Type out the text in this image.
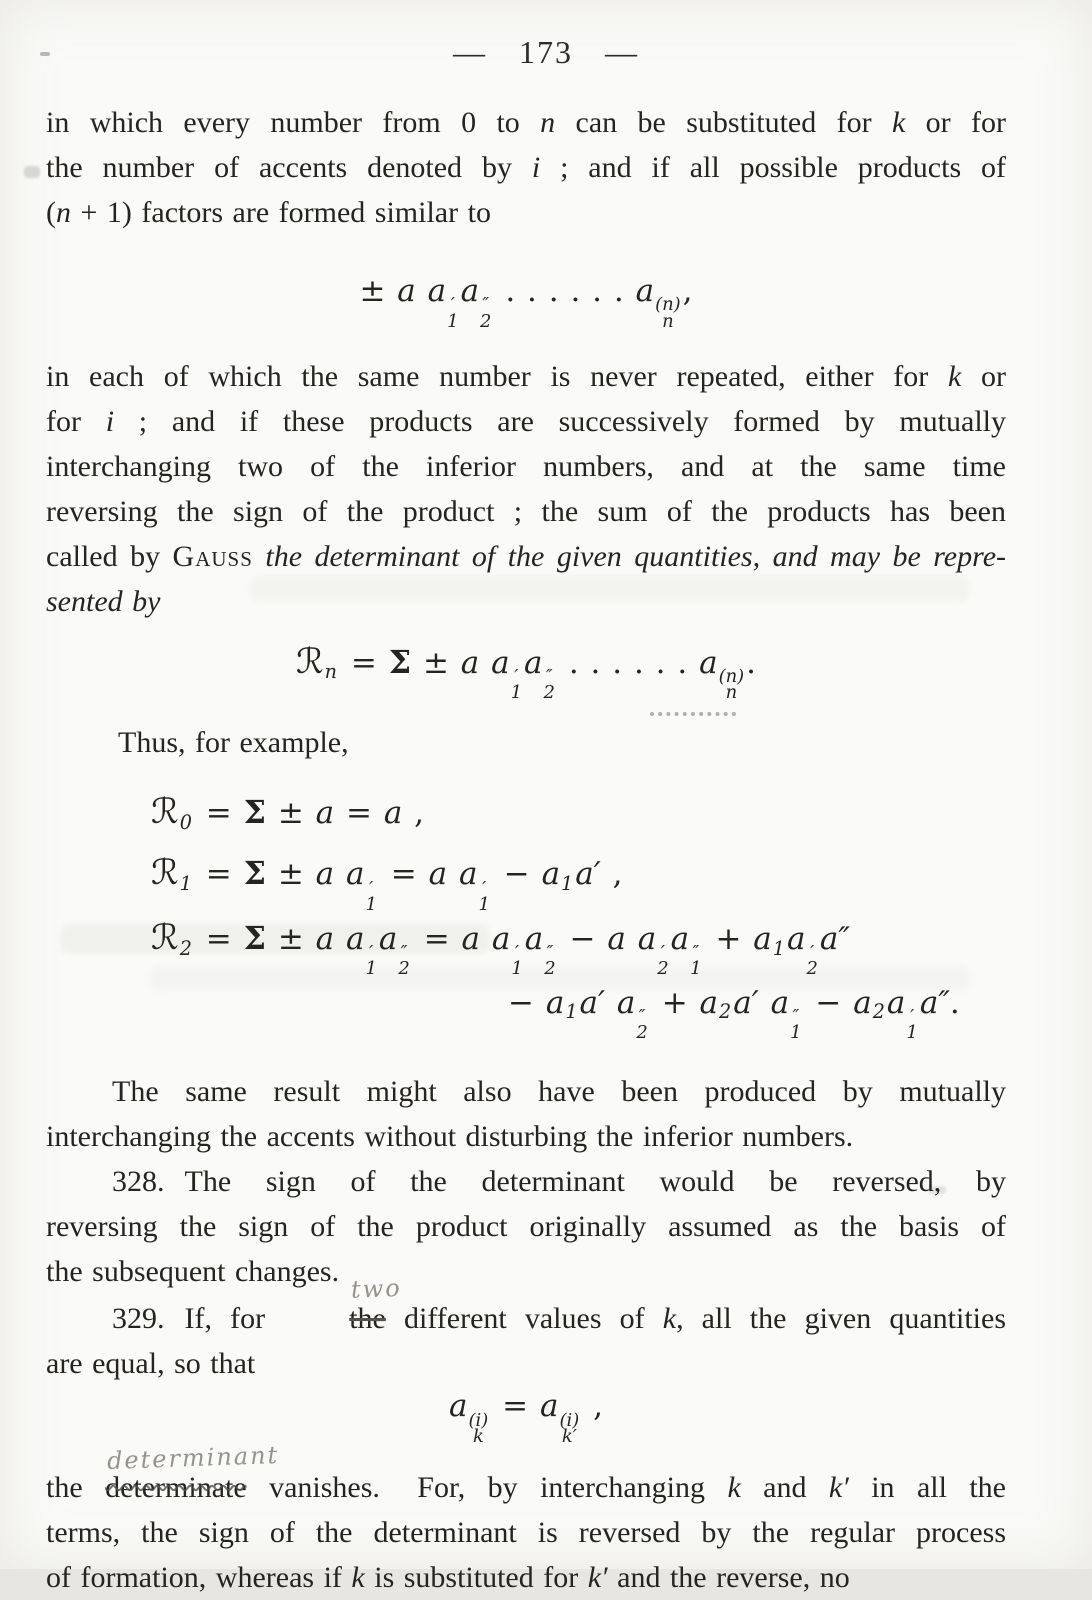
— 173 —
in which every number from 0 to n can be substituted for k or for
the number of accents denoted by i ; and if all possible products of
(n + 1) factors are formed similar to
± a a ′
1
a ″
2
. . . . . . a (n)
n
,
in each of which the same number is never repeated, either for k or
for i ; and if these products are successively formed by mutually
interchanging two of the inferior numbers, and at the same time
reversing the sign of the product ; the sum of the products has been
called by Gauss the determinant of the given quantities, and may be repre-
sented by
ℛ$_n$ = Σ ± a a ′
1
a ″
2
. . . . . . a (n)
n
.
Thus, for example,
ℛ$_0$ = Σ ± a = a ,
ℛ$_1$ = Σ ± a a ′
1
= a a ′
1
− $a_1a'$ ,
ℛ$_2$ = Σ ± a a ′
1
a ″
2
= a a ′
1
a ″
2
− a a ′
2
a ″
1
+ $a_1a$ ′
2
a″
− $a_1a'$ a ″
2
+ $a_2a'$ a ″
1
− $a_2a$ ′
1
a″.
The same result might also have been produced by mutually
interchanging the accents without disturbing the inferior numbers.
328. The sign of the determinant would be reversed, by
reversing the sign of the product originally assumed as the basis of
the subsequent changes.
329. If, for
two
the different values of k, all the given quantities
are equal, so that
a (i)
k
= a (i)
k′
,
the
determinant
determinate vanishes.  For, by interchanging k and k′ in all the
terms, the sign of the determinant is reversed by the regular process
of formation, whereas if k is substituted for k′ and the reverse, no
